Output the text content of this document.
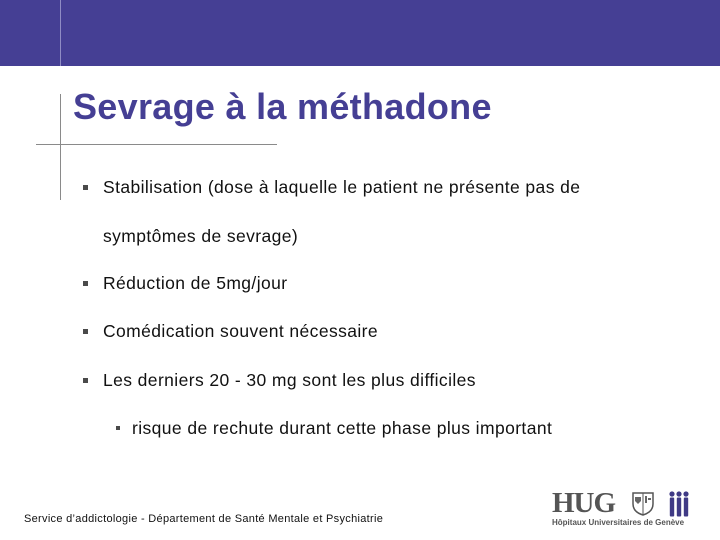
Sevrage à la méthadone
Stabilisation (dose à laquelle le patient ne présente pas de
symptômes de sevrage)
Réduction de 5mg/jour
Comédication souvent nécessaire
Les derniers 20 - 30 mg sont les plus difficiles
risque de rechute durant cette phase plus important
Service d’addictologie - Département de Santé Mentale et Psychiatrie	HUG
Hôpitaux Universitaires de Genève
